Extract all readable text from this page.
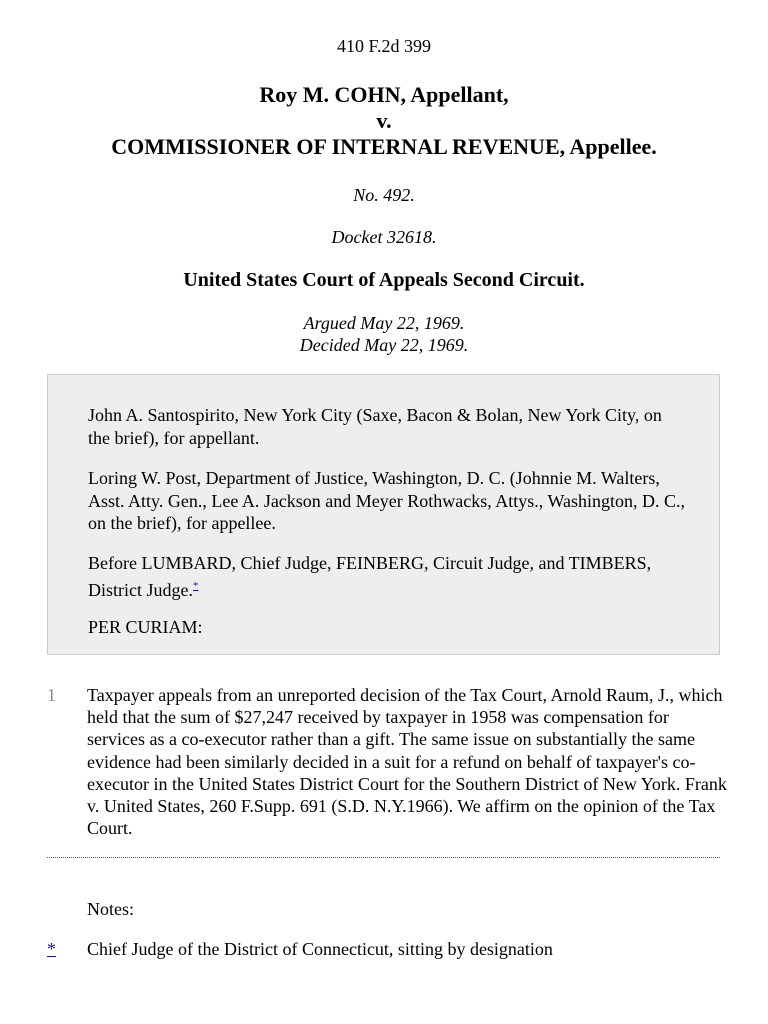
410 F.2d 399
Roy M. COHN, Appellant,
v.
COMMISSIONER OF INTERNAL REVENUE, Appellee.
No. 492.
Docket 32618.
United States Court of Appeals Second Circuit.
Argued May 22, 1969.
Decided May 22, 1969.
John A. Santospirito, New York City (Saxe, Bacon & Bolan, New York City, on the brief), for appellant.
Loring W. Post, Department of Justice, Washington, D. C. (Johnnie M. Walters, Asst. Atty. Gen., Lee A. Jackson and Meyer Rothwacks, Attys., Washington, D. C., on the brief), for appellee.
Before LUMBARD, Chief Judge, FEINBERG, Circuit Judge, and TIMBERS, District Judge.*
PER CURIAM:
1 Taxpayer appeals from an unreported decision of the Tax Court, Arnold Raum, J., which held that the sum of $27,247 received by taxpayer in 1958 was compensation for services as a co-executor rather than a gift. The same issue on substantially the same evidence had been similarly decided in a suit for a refund on behalf of taxpayer's co-executor in the United States District Court for the Southern District of New York. Frank v. United States, 260 F.Supp. 691 (S.D. N.Y.1966). We affirm on the opinion of the Tax Court.
Notes:
* Chief Judge of the District of Connecticut, sitting by designation
